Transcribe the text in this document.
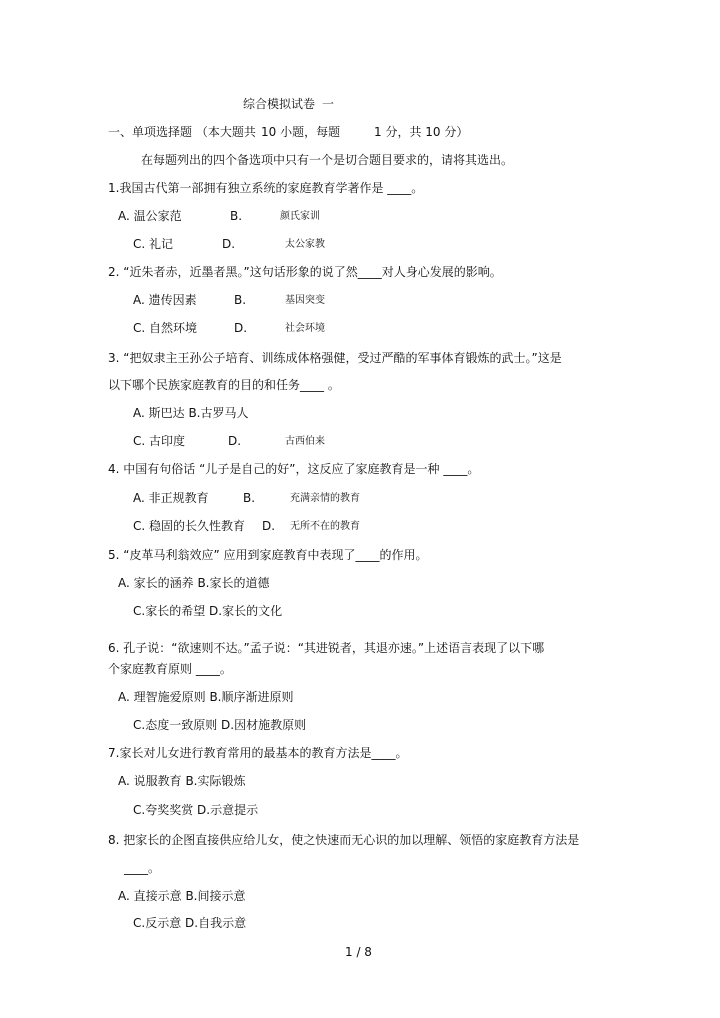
综合模拟试卷 一
一、单项选择题 （本大题共 10 小题，每题	1 分，共 10 分）
在每题列出的四个备选项中只有一个是切合题目要求的，请将其选出。
1.我国古代第一部拥有独立系统的家庭教育学著作是 ____。
A. 温公家范	B.	颜氏家训
C. 礼记	D.	太公家教
2. “近朱者赤，近墨者黑。”这句话形象的说了然____对人身心发展的影响。
A. 遗传因素	B.	基因突变
C. 自然环境	D.	社会环境
3. “把奴隶主王孙公子培育、训练成体格强健，受过严酷的军事体育锻炼的武士。”这是
以下哪个民族家庭教育的目的和任务____ 。
A. 斯巴达 B.古罗马人
C. 古印度	D.	古西伯来
4. 中国有句俗话 “儿子是自己的好”，这反应了家庭教育是一种 ____。
A. 非正规教育	B.	充满亲情的教育
C. 稳固的长久性教育 D. 无所不在的教育
5. “皮革马利翁效应” 应用到家庭教育中表现了____的作用。
A. 家长的涵养 B.家长的道德
C.家长的希望 D.家长的文化
6. 孔子说：“欲速则不达。”孟子说：“其进锐者，其退亦速。”上述语言表现了以下哪
个家庭教育原则 ____。
A. 理智施爱原则 B.顺序渐进原则
C.态度一致原则 D.因材施教原则
7.家长对儿女进行教育常用的最基本的教育方法是____。
A. 说服教育 B.实际锻炼
C.夸奖奖赏 D.示意提示
8. 把家长的企图直接供应给儿女，使之快速而无心识的加以理解、领悟的家庭教育方法是
____。
A. 直接示意 B.间接示意
C.反示意 D.自我示意
1 / 8
